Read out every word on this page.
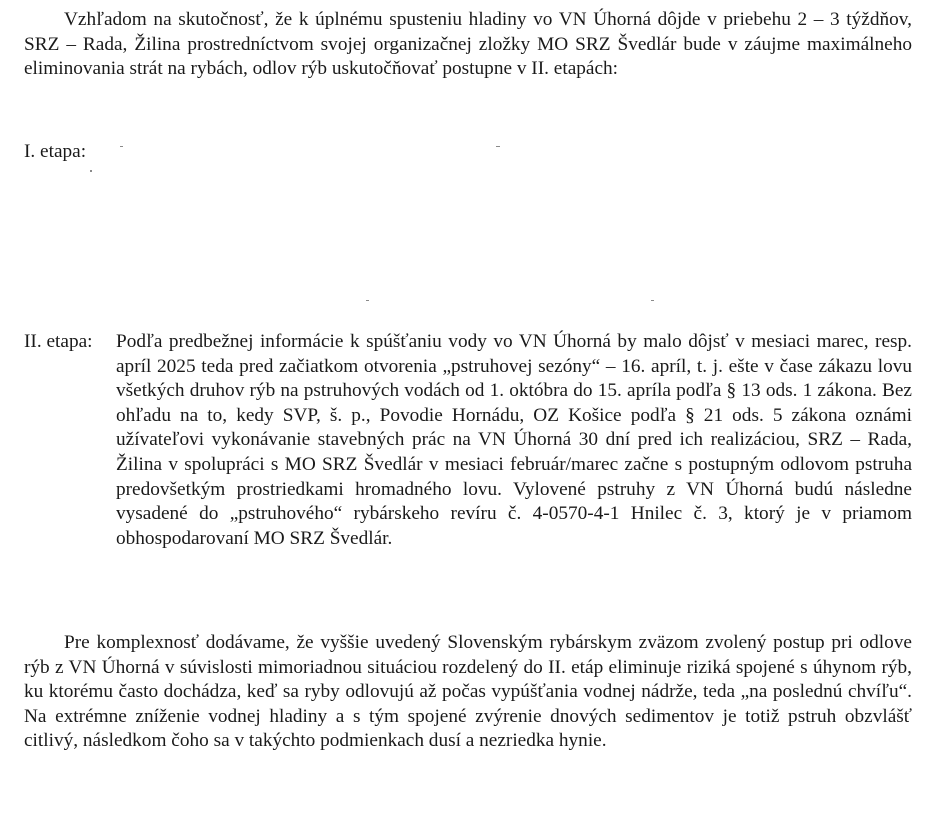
Vzhľadom na skutočnosť, že k úplnému spusteniu hladiny vo VN Úhorná dôjde v priebehu 2 – 3 týždňov, SRZ – Rada, Žilina prostredníctvom svojej organizačnej zložky MO SRZ Švedlár bude v záujme maximálneho eliminovania strát na rybách, odlov rýb uskutočňovať postupne v II. etapách:

I. etapa:

II. etapa: Podľa predbežnej informácie k spúšťaniu vody vo VN Úhorná by malo dôjsť v mesiaci marec, resp. apríl 2025 teda pred začiatkom otvorenia „pstruhovej sezóny“ – 16. apríl, t. j. ešte v čase zákazu lovu všetkých druhov rýb na pstruhových vodách od 1. októbra do 15. apríla podľa § 13 ods. 1 zákona. Bez ohľadu na to, kedy SVP, š. p., Povodie Hornádu, OZ Košice podľa § 21 ods. 5 zákona oznámi užívateľovi vykonávanie stavebných prác na VN Úhorná 30 dní pred ich realizáciou, SRZ – Rada, Žilina v spolupráci s MO SRZ Švedlár v mesiaci február/marec začne s postupným odlovom pstruha predovšetkým prostriedkami hromadného lovu. Vylovené pstruhy z VN Úhorná budú následne vysadené do „pstruhového“ rybárskeho revíru č. 4-0570-4-1 Hnilec č. 3, ktorý je v priamom obhospodarovaní MO SRZ Švedlár.

Pre komplexnosť dodávame, že vyššie uvedený Slovenským rybárskym zväzom zvolený postup pri odlove rýb z VN Úhorná v súvislosti mimoriadnou situáciou rozdelený do II. etáp eliminuje riziká spojené s úhynom rýb, ku ktorému často dochádza, keď sa ryby odlovujú až počas vypúšťania vodnej nádrže, teda „na poslednú chvíľu“. Na extrémne zníženie vodnej hladiny a s tým spojené zvýrenie dnových sedimentov je totiž pstruh obzvlášť citlivý, následkom čoho sa v takýchto podmienkach dusí a nezriedka hynie.
